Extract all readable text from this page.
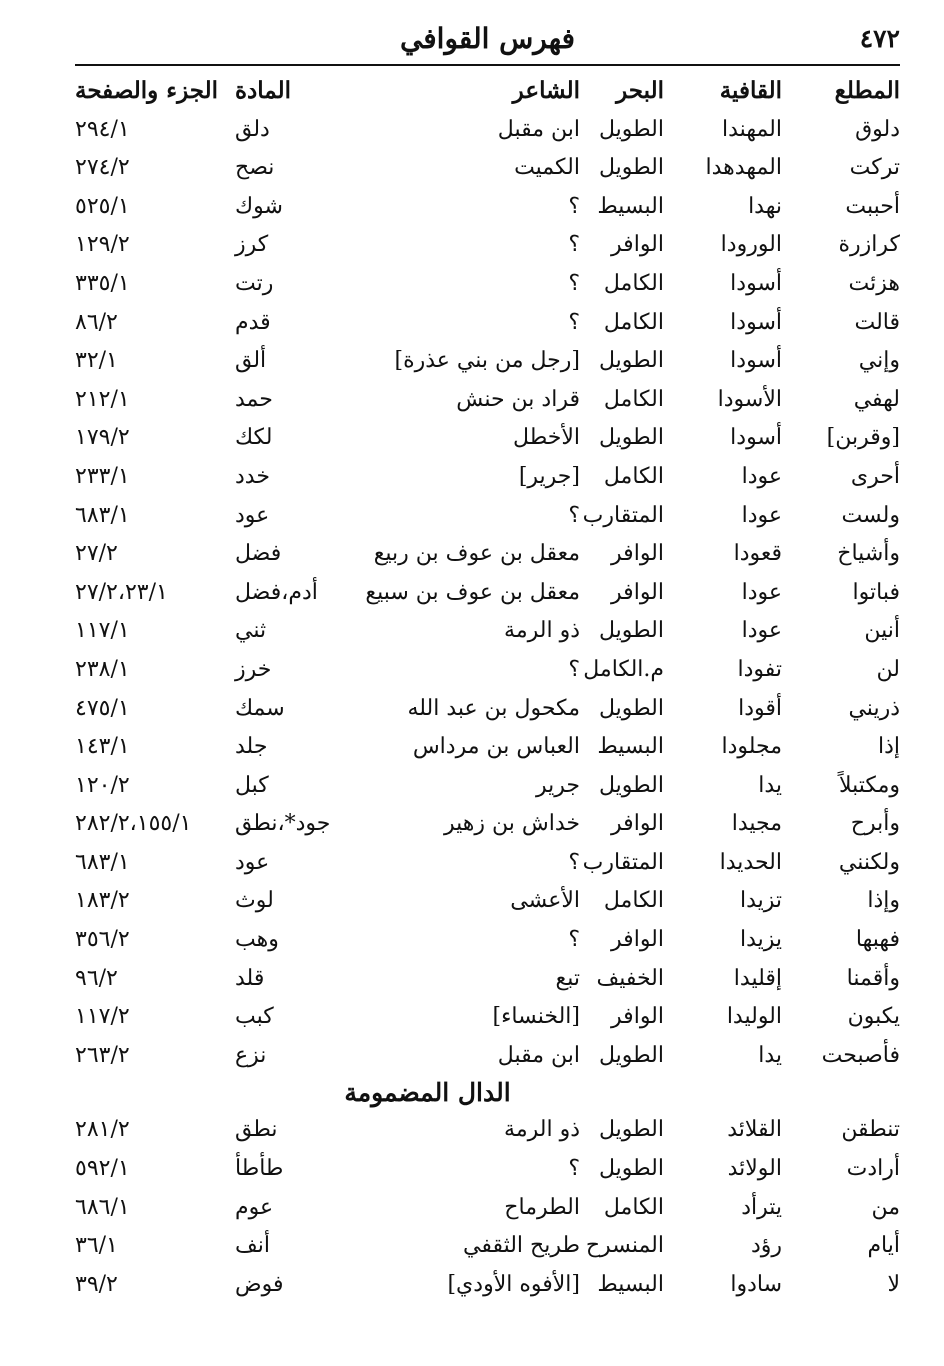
٤٧٢
فهرس القوافي
المطلع
القافية
البحر
الشاعر
المادة
الجزء والصفحة
دلوق
المهندا
الطويل
ابن مقبل
دلق
٢٩٤/١
تركت
المهدهدا
الطويل
الكميت
نصح
٢٧٤/٢
أحببت
نهدا
البسيط
؟
شوك
٥٢٥/١
كرازرة
الورودا
الوافر
؟
كرز
١٢٩/٢
هزئت
أسودا
الكامل
؟
رتت
٣٣٥/١
قالت
أسودا
الكامل
؟
قدم
٨٦/٢
وإني
أسودا
الطويل
[رجل من بني عذرة]
ألق
٣٢/١
لهفي
الأسودا
الكامل
قراد بن حنش
حمد
٢١٢/١
[وقربن]
أسودا
الطويل
الأخطل
لكك
١٧٩/٢
أحرى
عودا
الكامل
[جرير]
خدد
٢٣٣/١
ولست
عودا
المتقارب
؟
عود
٦٨٣/١
وأشياخ
قعودا
الوافر
معقل بن عوف بن ربيع
فضل
٢٧/٢
فباتوا
عودا
الوافر
معقل بن عوف بن سبيع
أدم،فضل
٢٧/٢،٢٣/١
أنين
عودا
الطويل
ذو الرمة
ثني
١١٧/١
لن
تفودا
م.الكامل
؟
خرز
٢٣٨/١
ذريني
أقودا
الطويل
مكحول بن عبد الله
سمك
٤٧٥/١
إذا
مجلودا
البسيط
العباس بن مرداس
جلد
١٤٣/١
ومكتبلاً
يدا
الطويل
جرير
كبل
١٢٠/٢
وأبرح
مجيدا
الوافر
خداش بن زهير
جود*،نطق
٢٨٢/٢،١٥٥/١
ولكنني
الحديدا
المتقارب
؟
عود
٦٨٣/١
وإذا
تزيدا
الكامل
الأعشى
لوث
١٨٣/٢
فهبها
يزيدا
الوافر
؟
وهب
٣٥٦/٢
وأقمنا
إقليدا
الخفيف
تبع
قلد
٩٦/٢
يكبون
الوليدا
الوافر
[الخنساء]
كبب
١١٧/٢
فأصبحت
يدا
الطويل
ابن مقبل
نزع
٢٦٣/٢
الدال المضمومة
تنطقن
القلائد
الطويل
ذو الرمة
نطق
٢٨١/٢
أرادت
الولائد
الطويل
؟
طأطأ
٥٩٢/١
من
يترأد
الكامل
الطرماح
عوم
٦٨٦/١
أيام
رؤد
المنسرح
طريح الثقفي
أنف
٣٦/١
لا
سادوا
البسيط
[الأفوه الأودي]
فوض
٣٩/٢
